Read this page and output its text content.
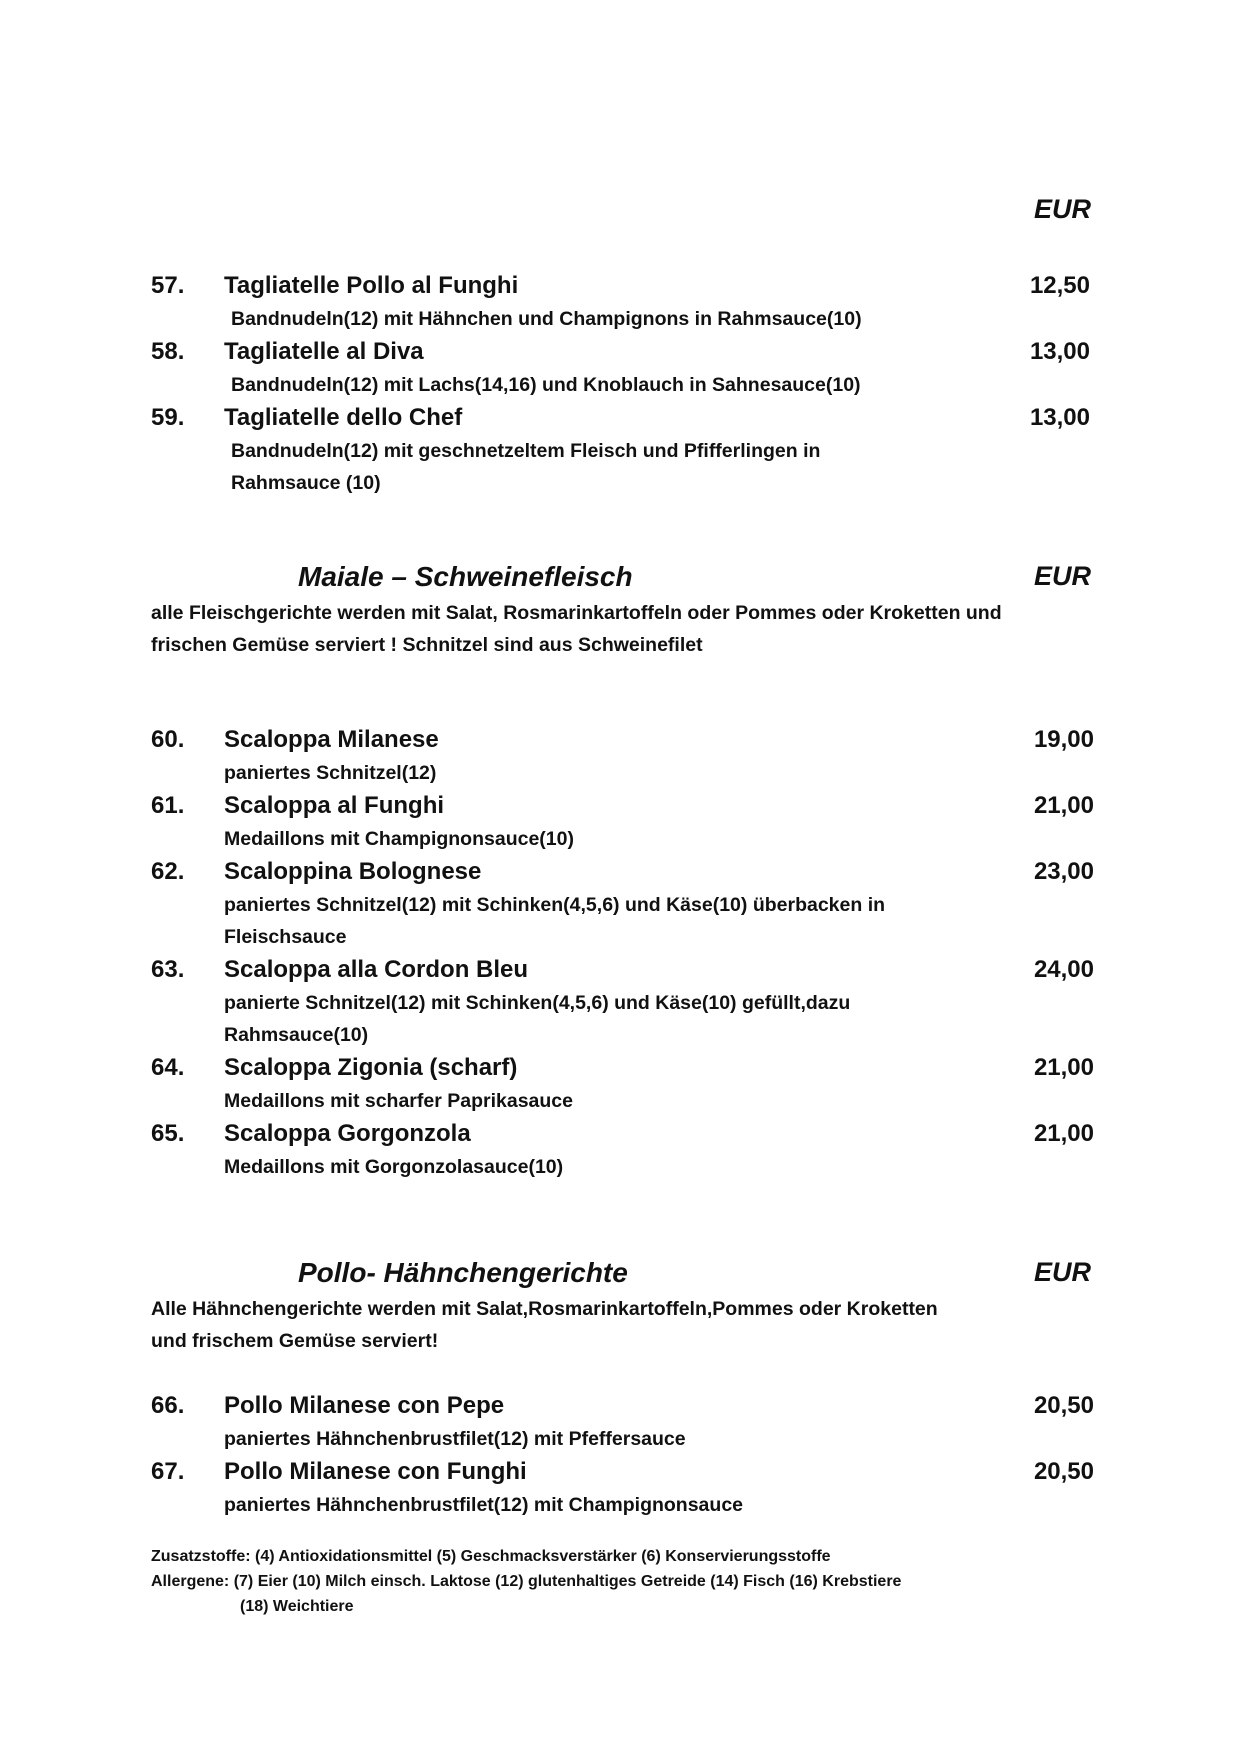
EUR
57. Tagliatelle Pollo al Funghi	12,50
Bandnudeln(12) mit Hähnchen und Champignons in Rahmsauce(10)
58. Tagliatelle al Diva	13,00
Bandnudeln(12) mit Lachs(14,16) und Knoblauch in Sahnesauce(10)
59. Tagliatelle dello Chef	13,00
Bandnudeln(12) mit geschnetzeltem Fleisch und Pfifferlingen in Rahmsauce (10)
Maiale – Schweinefleisch	EUR
alle Fleischgerichte werden mit Salat, Rosmarinkartoffeln oder Pommes oder Kroketten und frischen Gemüse serviert ! Schnitzel sind aus Schweinefilet
60. Scaloppa Milanese	19,00
paniertes Schnitzel(12)
61. Scaloppa al Funghi	21,00
Medaillons mit Champignonsauce(10)
62. Scaloppina Bolognese	23,00
paniertes Schnitzel(12) mit Schinken(4,5,6) und Käse(10) überbacken in Fleischsauce
63. Scaloppa alla Cordon Bleu	24,00
panierte Schnitzel(12) mit Schinken(4,5,6) und Käse(10) gefüllt,dazu Rahmsauce(10)
64. Scaloppa Zigonia (scharf)	21,00
Medaillons mit scharfer Paprikasauce
65. Scaloppa Gorgonzola	21,00
Medaillons mit Gorgonzolasauce(10)
Pollo- Hähnchengerichte	EUR
Alle Hähnchengerichte werden mit Salat,Rosmarinkartoffeln,Pommes oder Kroketten und frischem Gemüse serviert!
66. Pollo Milanese con Pepe	20,50
paniertes Hähnchenbrustfilet(12) mit Pfeffersauce
67. Pollo Milanese con Funghi	20,50
paniertes Hähnchenbrustfilet(12) mit Champignonsauce
Zusatzstoffe: (4) Antioxidationsmittel (5) Geschmacksverstärker (6) Konservierungsstoffe
Allergene: (7) Eier (10) Milch einsch. Laktose (12) glutenhaltiges Getreide (14) Fisch (16) Krebstiere
(18) Weichtiere
